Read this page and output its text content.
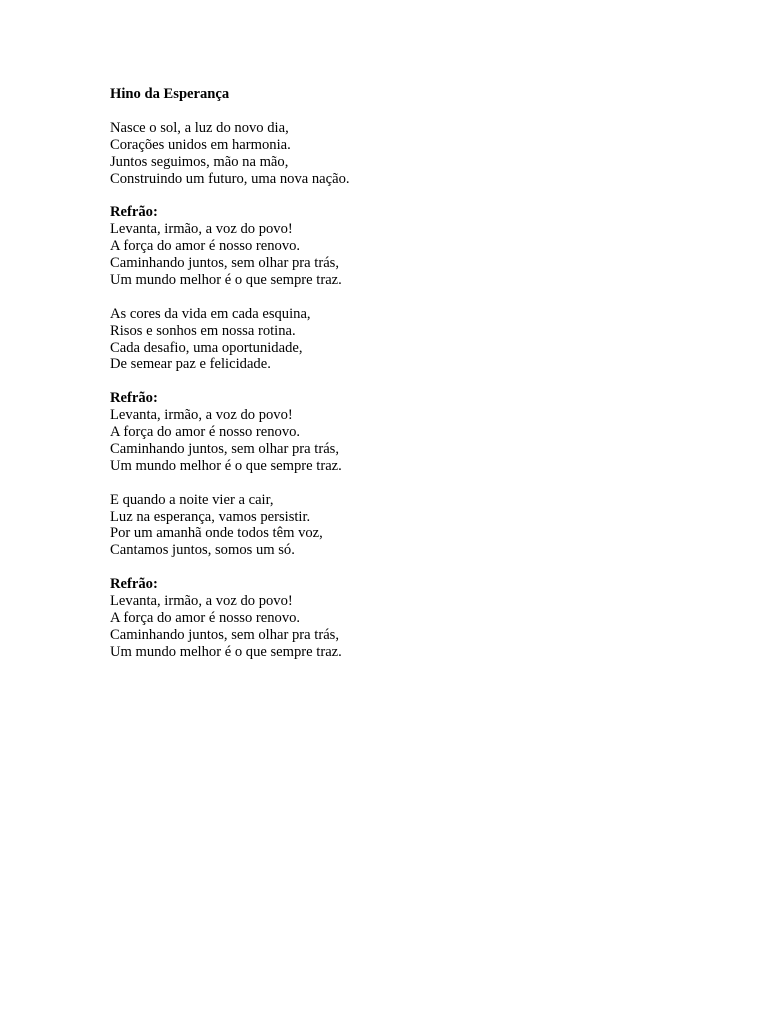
Hino da Esperança
Nasce o sol, a luz do novo dia,
Corações unidos em harmonia.
Juntos seguimos, mão na mão,
Construindo um futuro, uma nova nação.
Refrão:
Levanta, irmão, a voz do povo!
A força do amor é nosso renovo.
Caminhando juntos, sem olhar pra trás,
Um mundo melhor é o que sempre traz.
As cores da vida em cada esquina,
Risos e sonhos em nossa rotina.
Cada desafio, uma oportunidade,
De semear paz e felicidade.
Refrão:
Levanta, irmão, a voz do povo!
A força do amor é nosso renovo.
Caminhando juntos, sem olhar pra trás,
Um mundo melhor é o que sempre traz.
E quando a noite vier a cair,
Luz na esperança, vamos persistir.
Por um amanhã onde todos têm voz,
Cantamos juntos, somos um só.
Refrão:
Levanta, irmão, a voz do povo!
A força do amor é nosso renovo.
Caminhando juntos, sem olhar pra trás,
Um mundo melhor é o que sempre traz.
